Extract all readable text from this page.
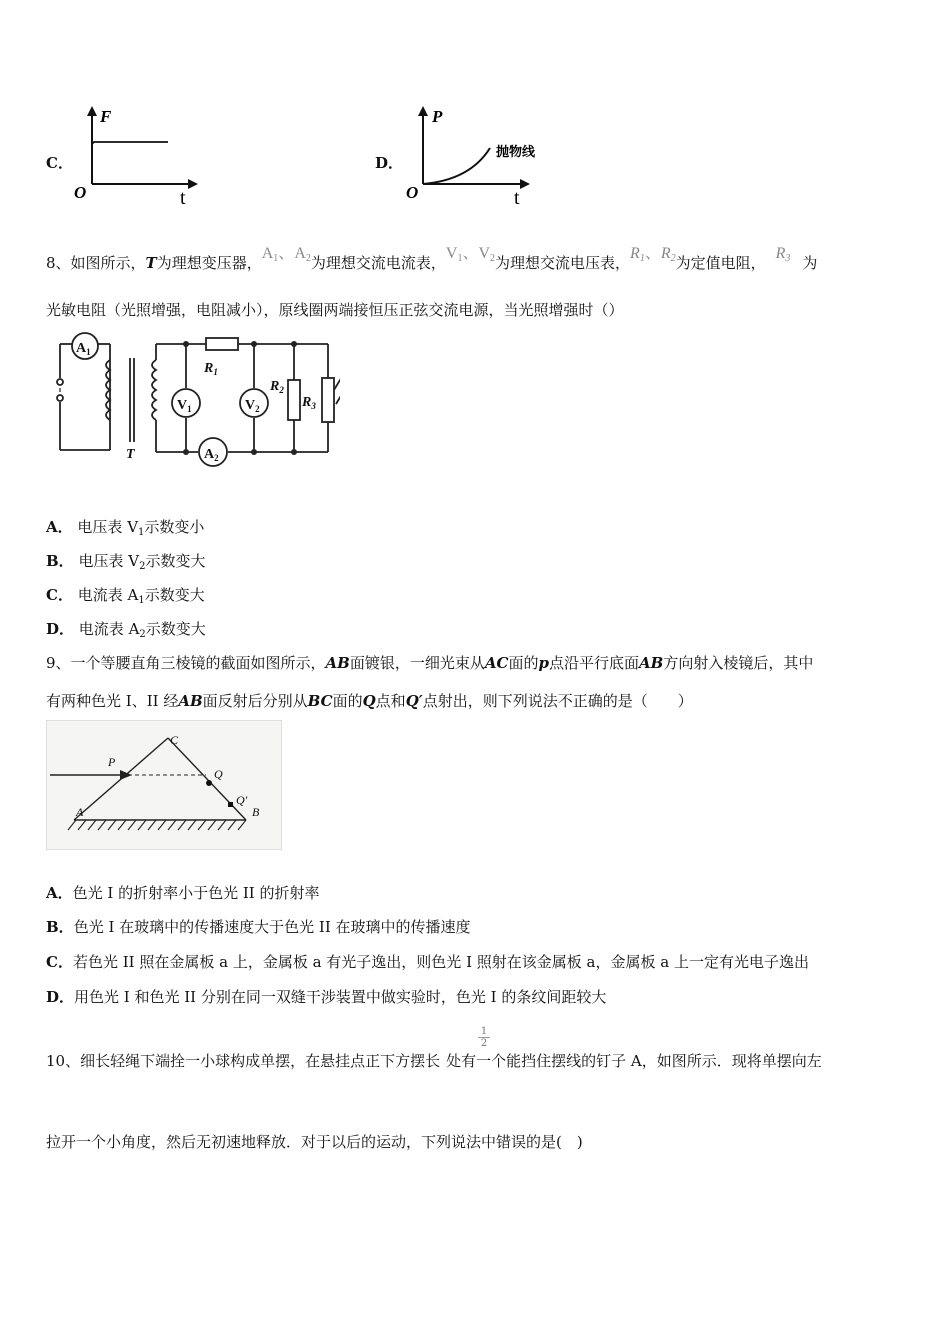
C．
F
O	t
D．
P
O	t
抛物线
8、如图所示，T为理想变压器，$A_1$、$A_2$为理想交流电流表，$V_1$、$V_2$为理想交流电压表，$R_1$、$R_2$为定值电阻，$R_3$ 为
光敏电阻（光照增强，电阻减小），原线圈两端接恒压正弦交流电源，当光照增强时（）
$A_1$
$A_2$
$V_1$	$V_2$
$R_1$
$R_2$
$R_3$
T
A． 电压表 $V_1$示数变小
B． 电压表 $V_2$示数变大
C． 电流表 $A_1$示数变大
D． 电流表 $A_2$示数变大
9、一个等腰直角三棱镜的截面如图所示，AB面镀银，一细光束从AC面的p点沿平行底面AB方向射入棱镜后，其中
有两种色光 I、II 经AB面反射后分别从BC面的Q点和Q′点射出，则下列说法不正确的是（　　）
P
C
Q
Q′
A	B
A．色光 I 的折射率小于色光 II 的折射率
B．色光 I 在玻璃中的传播速度大于色光 II 在玻璃中的传播速度
C．若色光 II 照在金属板 a 上，金属板 a 有光子逸出，则色光 I 照射在该金属板 a，金属板 a 上一定有光电子逸出
D．用色光 I 和色光 II 分别在同一双缝干涉装置中做实验时，色光 I 的条纹间距较大
$\frac{1}{2}$
10、细长轻绳下端拴一小球构成单摆，在悬挂点正下方摆长 处有一个能挡住摆线的钉子 A，如图所示．现将单摆向左
拉开一个小角度，然后无初速地释放．对于以后的运动，下列说法中错误的是(　)
